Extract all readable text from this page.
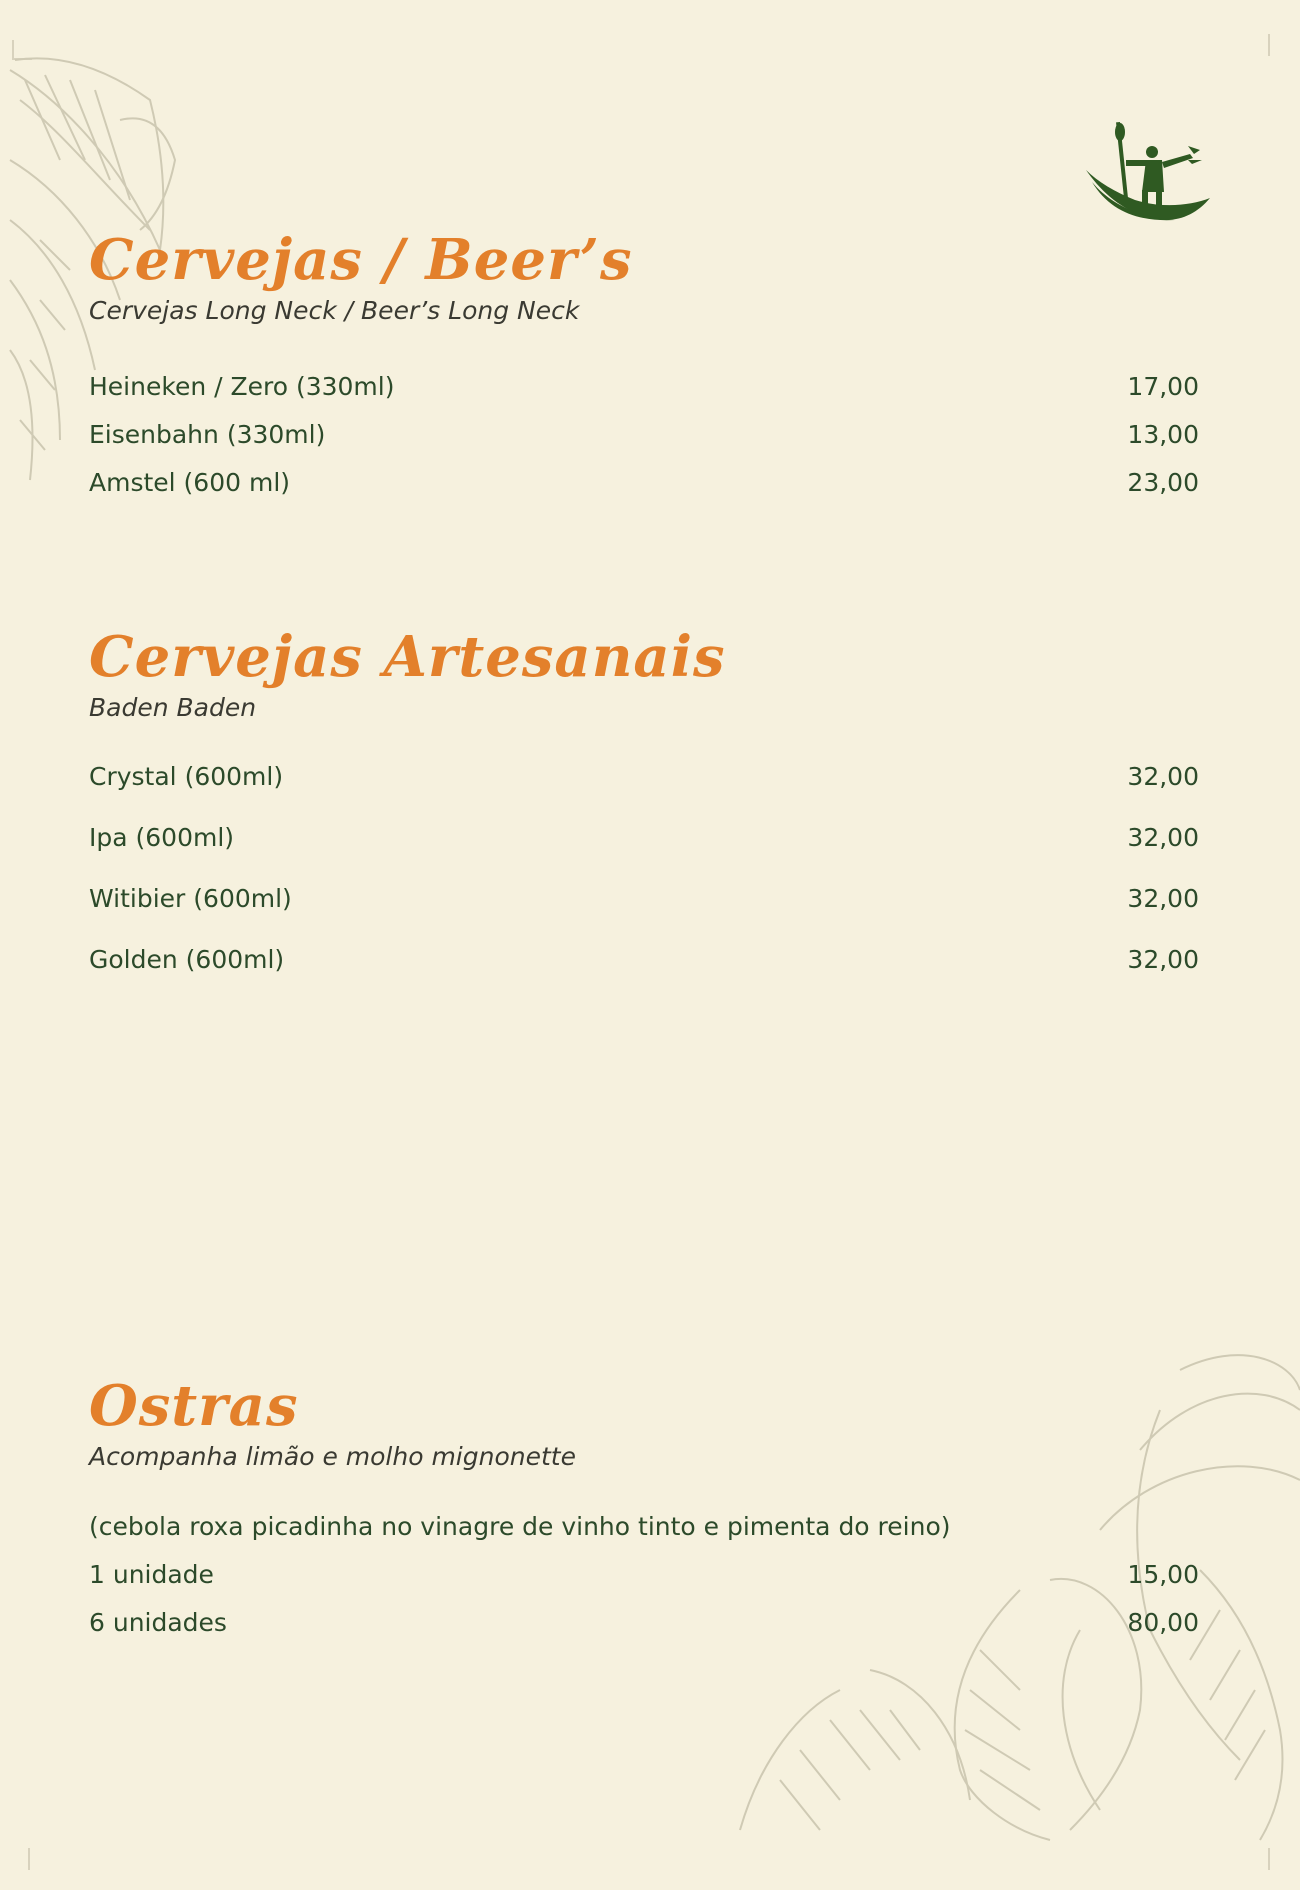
Cervejas / Beer’s
Cervejas Long Neck / Beer’s Long Neck
Heineken / Zero (330ml)	17,00
Eisenbahn (330ml)	13,00
Amstel (600 ml)	23,00
Cervejas Artesanais
Baden Baden
Crystal (600ml)	32,00
Ipa (600ml)	32,00
Witibier (600ml)	32,00
Golden (600ml)	32,00
Ostras
Acompanha limão e molho mignonette
(cebola roxa picadinha no vinagre de vinho tinto e pimenta do reino)
1 unidade	15,00
6 unidades	80,00
